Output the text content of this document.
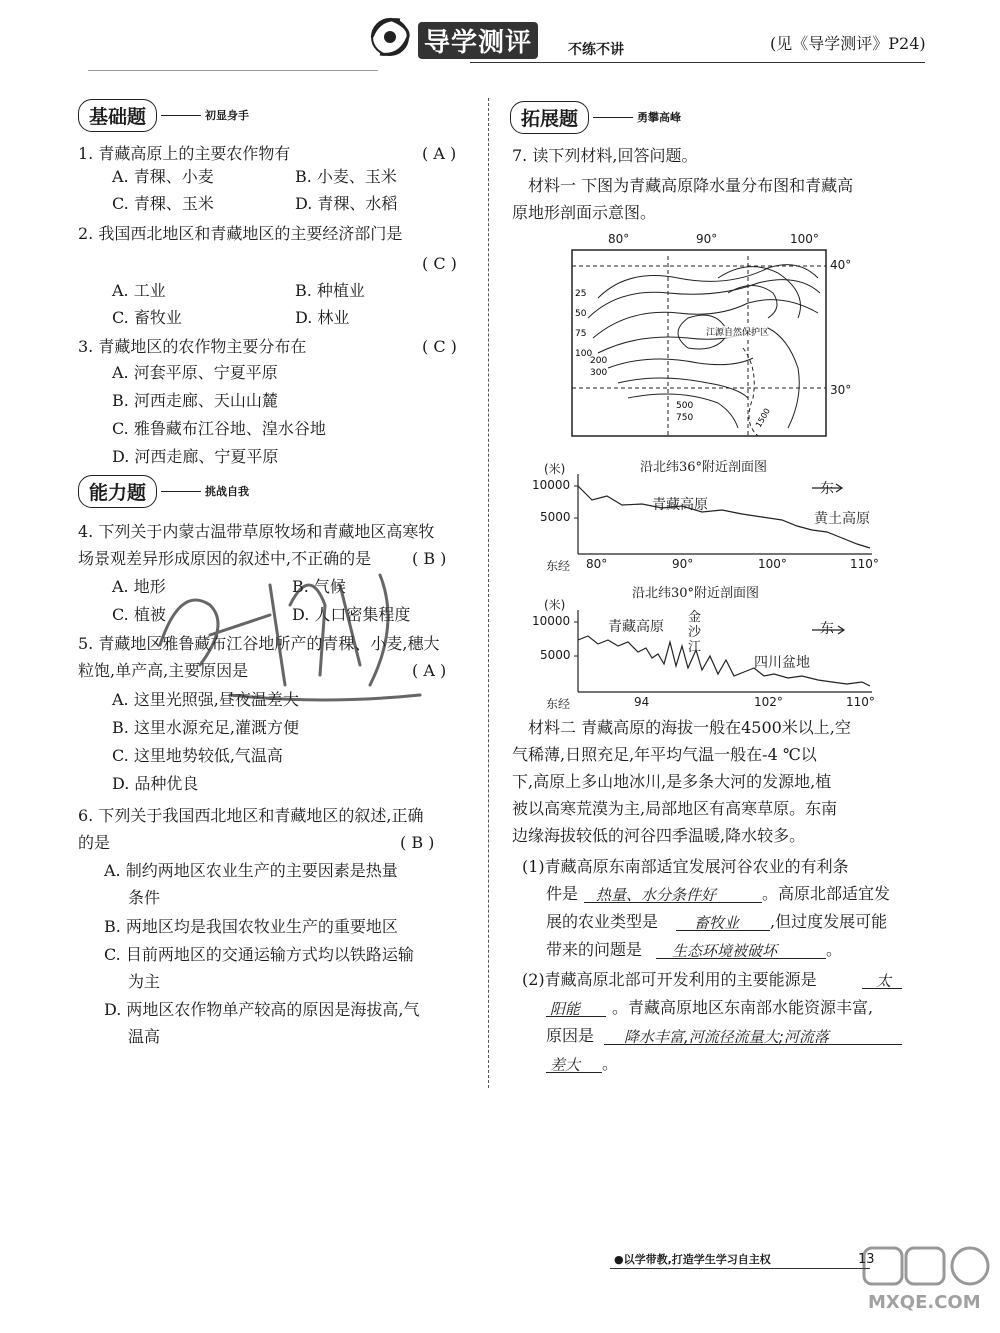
导学测评	不练不讲	(见《导学测评》P24)
基础题	初显身手
1. 青藏高原上的主要农作物有	( A )
A. 青稞、小麦	B. 小麦、玉米
C. 青稞、玉米	D. 青稞、水稻
2. 我国西北地区和青藏地区的主要经济部门是
( C )
A. 工业	B. 种植业
C. 畜牧业	D. 林业
3. 青藏地区的农作物主要分布在	( C )
A. 河套平原、宁夏平原
B. 河西走廊、天山山麓
C. 雅鲁藏布江谷地、湟水谷地
D. 河西走廊、宁夏平原
能力题	挑战自我
4. 下列关于内蒙古温带草原牧场和青藏地区高寒牧
场景观差异形成原因的叙述中,不正确的是	( B )
A. 地形	B. 气候
C. 植被	D. 人口密集程度
5. 青藏地区雅鲁藏布江谷地所产的青稞、小麦,穗大
粒饱,单产高,主要原因是	( A )
A. 这里光照强,昼夜温差大
B. 这里水源充足,灌溉方便
C. 这里地势较低,气温高
D. 品种优良
6. 下列关于我国西北地区和青藏地区的叙述,正确
的是	( B )
A. 制约两地区农业生产的主要因素是热量
条件
B. 两地区均是我国农牧业生产的重要地区
C. 目前两地区的交通运输方式均以铁路运输
为主
D. 两地区农作物单产较高的原因是海拔高,气
温高
拓展题	勇攀高峰
7. 读下列材料,回答问题。
材料一 下图为青藏高原降水量分布图和青藏高
原地形剖面示意图。
25
50
75
100
200
300
500
750	1500
江源自然保护区
80°	90°	100°
40°
30°
沿北纬36°附近剖面图
(米)
10000
5000
青藏高原
黄土高原
东
东经 80°	90°	100°	110°
沿北纬30°附近剖面图
(米)
10000
5000
青藏高原
金沙江
四川盆地
东
东经	94	102°	110°
材料二 青藏高原的海拔一般在4500米以上,空
气稀薄,日照充足,年平均气温一般在-4 ℃以
下,高原上多山地冰川,是多条大河的发源地,植
被以高寒荒漠为主,局部地区有高寒草原。东南
边缘海拔较低的河谷四季温暖,降水较多。
(1)青藏高原东南部适宜发展河谷农业的有利条
件是 热量、水分条件好	。高原北部适宜发
展的农业类型是 畜牧业 ,但过度发展可能
带来的问题是 生态环境被破坏	。
(2)青藏高原北部可开发利用的主要能源是	太
阳能 。青藏高原地区东南部水能资源丰富,
原因是 降水丰富,河流径流量大;河流落
差大 。
●以学带教,打造学生学习自主权	13
MXQE.COM
